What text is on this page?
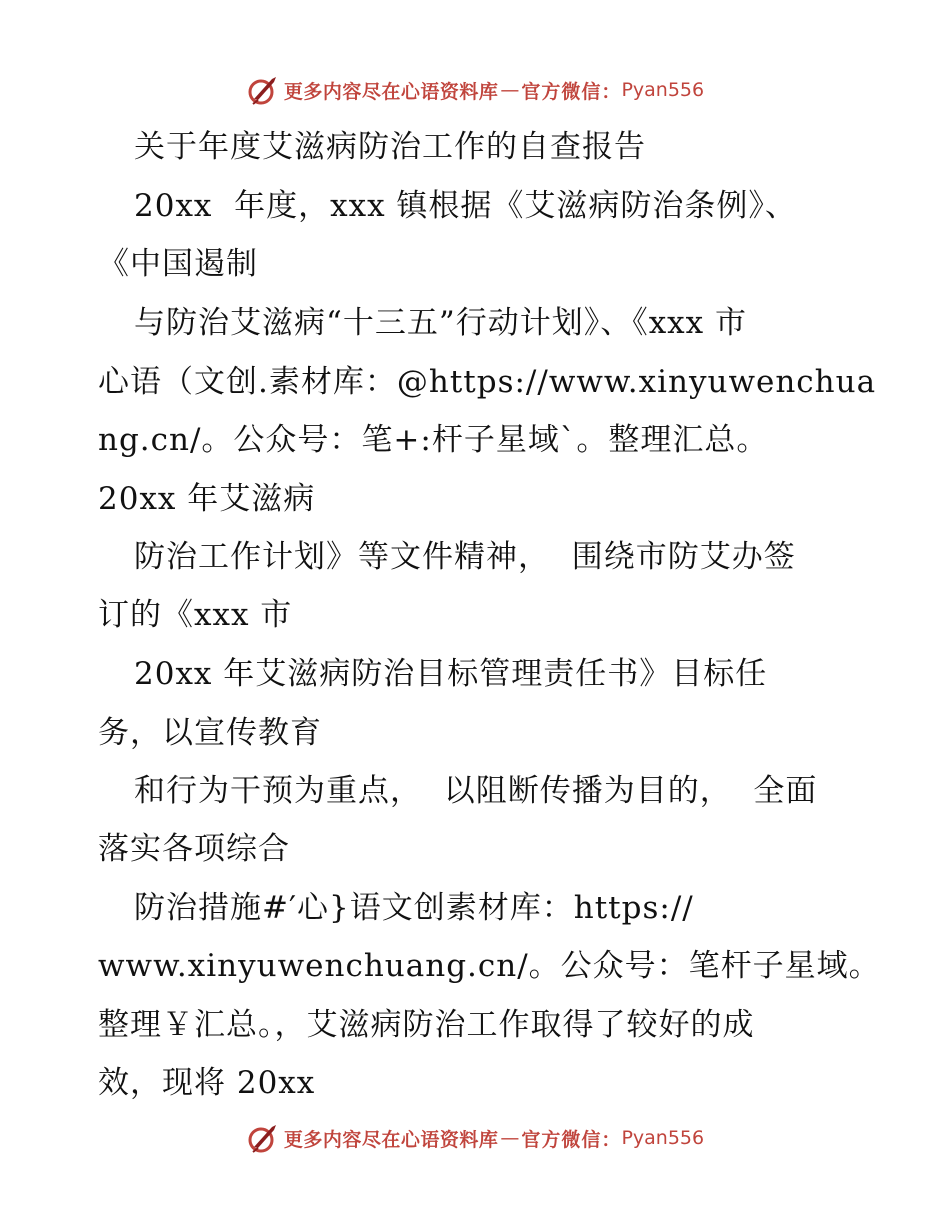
更多内容尽在心语资料库 — 官方微信： Pyan556
关于年度艾滋病防治工作的自查报告
20xx  年度，xxx 镇根据《艾滋病防治条例》、
《中国遏制
与防治艾滋病“十三五”行动计划》、《xxx 市
心语（文创.素材库：@https://www.xinyuwenchua
ng.cn/。公众号：笔+:杆子星域`。整理汇总。
20xx 年艾滋病
防治工作计划》等文件精神，  围绕市防艾办签
订的《xxx 市
20xx 年艾滋病防治目标管理责任书》目标任
务，以宣传教育
和行为干预为重点，  以阻断传播为目的，  全面
落实各项综合
防治措施#′心}语文创素材库：https://
www.xinyuwenchuang.cn/。公众号：笔杆子星域。
整理￥汇总。，艾滋病防治工作取得了较好的成
效，现将 20xx
更多内容尽在心语资料库 — 官方微信： Pyan556
